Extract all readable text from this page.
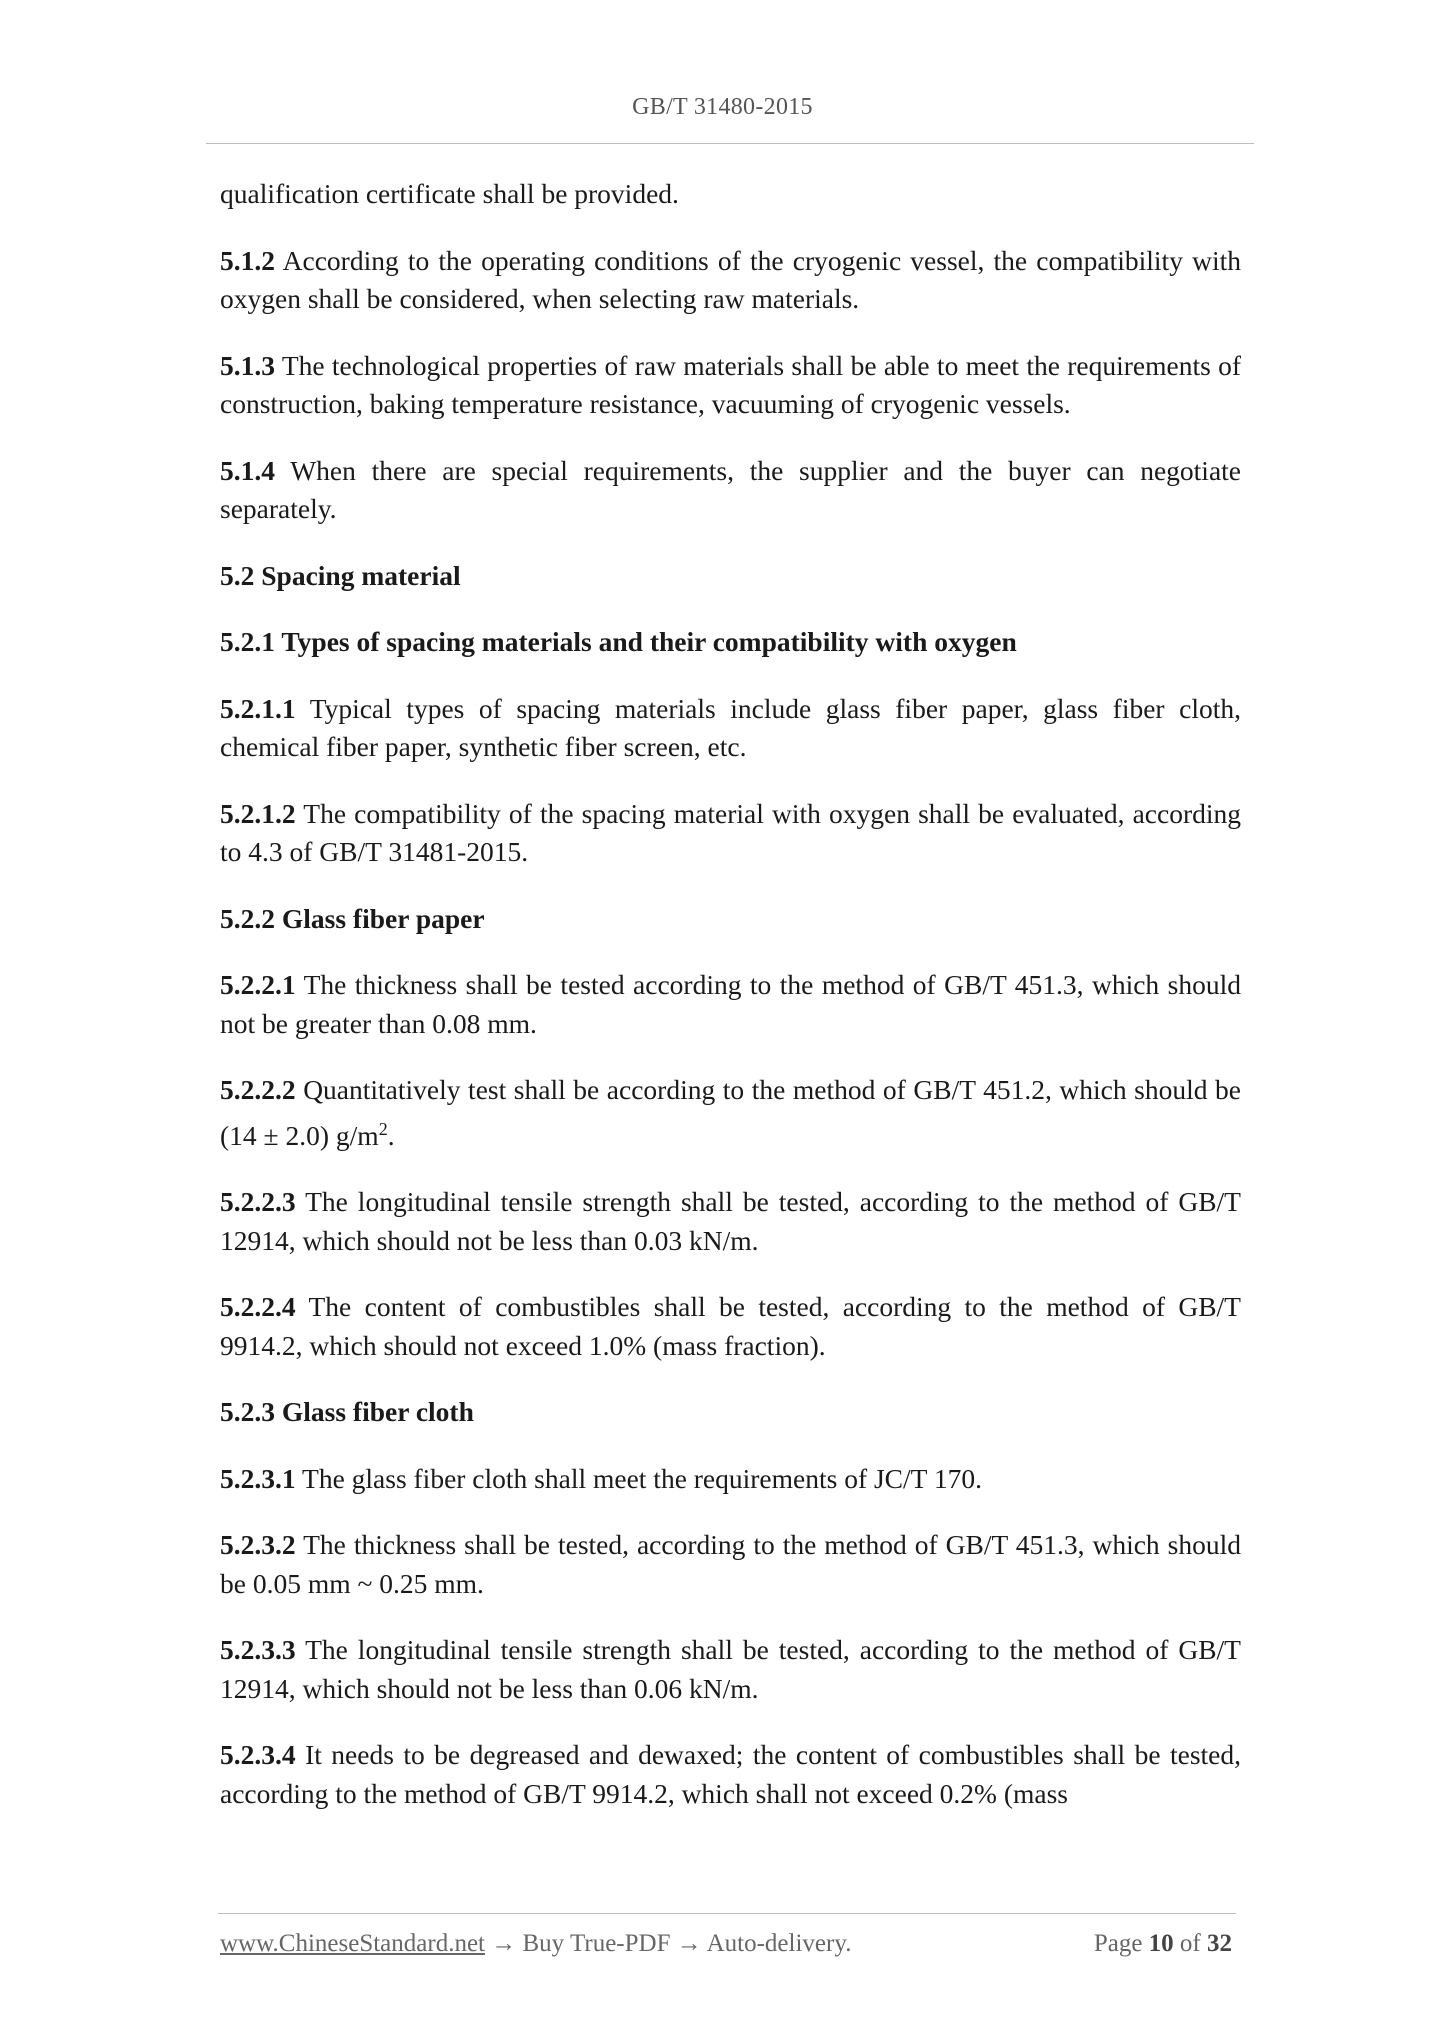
GB/T 31480-2015

qualification certificate shall be provided.

5.1.2 According to the operating conditions of the cryogenic vessel, the compatibility with oxygen shall be considered, when selecting raw materials.

5.1.3 The technological properties of raw materials shall be able to meet the requirements of construction, baking temperature resistance, vacuuming of cryogenic vessels.

5.1.4 When there are special requirements, the supplier and the buyer can negotiate separately.

5.2 Spacing material

5.2.1 Types of spacing materials and their compatibility with oxygen

5.2.1.1 Typical types of spacing materials include glass fiber paper, glass fiber cloth, chemical fiber paper, synthetic fiber screen, etc.

5.2.1.2 The compatibility of the spacing material with oxygen shall be evaluated, according to 4.3 of GB/T 31481-2015.

5.2.2 Glass fiber paper

5.2.2.1 The thickness shall be tested according to the method of GB/T 451.3, which should not be greater than 0.08 mm.

5.2.2.2 Quantitatively test shall be according to the method of GB/T 451.2, which should be (14 ± 2.0) $g/m^2$.

5.2.2.3 The longitudinal tensile strength shall be tested, according to the method of GB/T 12914, which should not be less than 0.03 kN/m.

5.2.2.4 The content of combustibles shall be tested, according to the method of GB/T 9914.2, which should not exceed 1.0% (mass fraction).

5.2.3 Glass fiber cloth

5.2.3.1 The glass fiber cloth shall meet the requirements of JC/T 170.

5.2.3.2 The thickness shall be tested, according to the method of GB/T 451.3, which should be 0.05 mm ~ 0.25 mm.

5.2.3.3 The longitudinal tensile strength shall be tested, according to the method of GB/T 12914, which should not be less than 0.06 kN/m.

5.2.3.4 It needs to be degreased and dewaxed; the content of combustibles shall be tested, according to the method of GB/T 9914.2, which shall not exceed 0.2% (mass

www.ChineseStandard.net → Buy True-PDF → Auto-delivery.	Page 10 of 32
